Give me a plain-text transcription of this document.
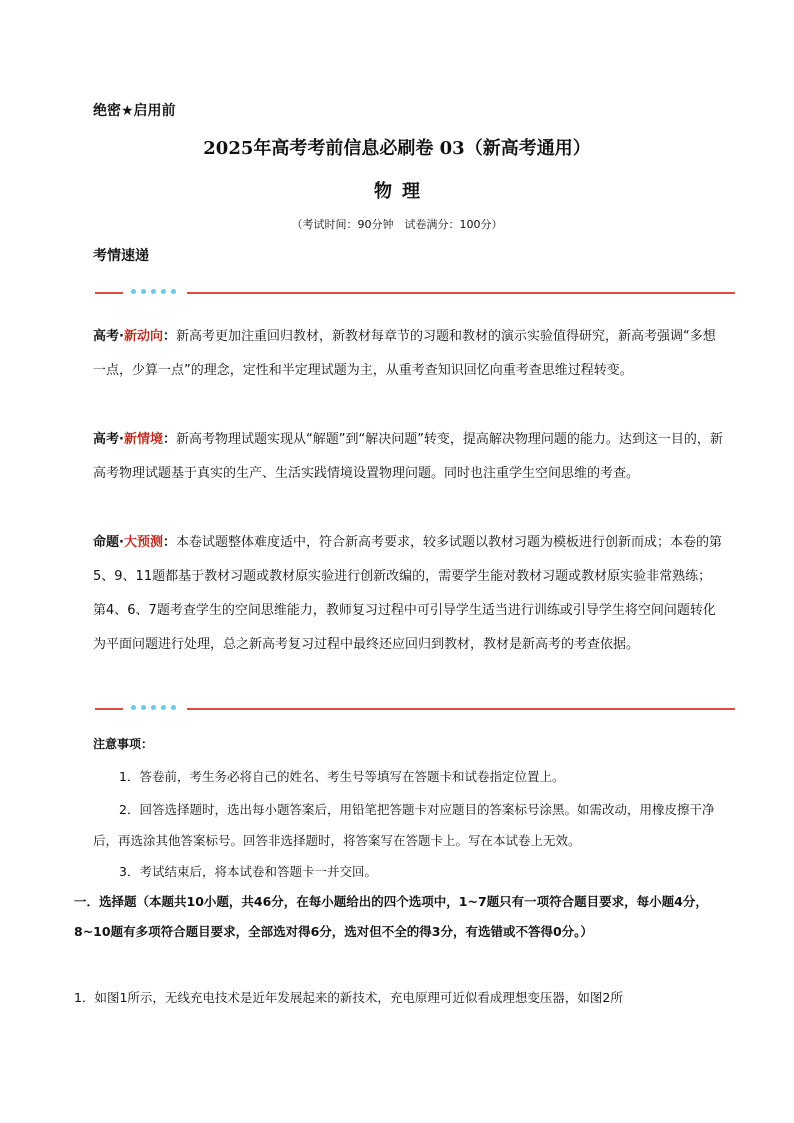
绝密★启用前
2025年高考考前信息必刷卷 03（新高考通用）
物理
（考试时间：90分钟　试卷满分：100分）
考情速递
高考·新动向：新高考更加注重回归教材，新教材每章节的习题和教材的演示实验值得研究，新高考强调“多想一点，少算一点”的理念，定性和半定理试题为主，从重考查知识回忆向重考查思维过程转变。
高考·新情境：新高考物理试题实现从“解题”到“解决问题”转变，提高解决物理问题的能力。达到这一目的，新高考物理试题基于真实的生产、生活实践情境设置物理问题。同时也注重学生空间思维的考查。
命题·大预测：本卷试题整体难度适中，符合新高考要求，较多试题以教材习题为模板进行创新而成；本卷的第5、9、11题都基于教材习题或教材原实验进行创新改编的，需要学生能对教材习题或教材原实验非常熟练；第4、6、7题考查学生的空间思维能力，教师复习过程中可引导学生适当进行训练或引导学生将空间问题转化为平面问题进行处理，总之新高考复习过程中最终还应回归到教材，教材是新高考的考查依据。
注意事项：
1．答卷前，考生务必将自己的姓名、考生号等填写在答题卡和试卷指定位置上。
2．回答选择题时，选出每小题答案后，用铅笔把答题卡对应题目的答案标号涂黑。如需改动，用橡皮擦干净后，再选涂其他答案标号。回答非选择题时，将答案写在答题卡上。写在本试卷上无效。
3．考试结束后，将本试卷和答题卡一并交回。
一．选择题（本题共10小题，共46分，在每小题给出的四个选项中，1~7题只有一项符合题目要求，每小题4分，8~10题有多项符合题目要求，全部选对得6分，选对但不全的得3分，有选错或不答得0分。）
1．如图1所示，无线充电技术是近年发展起来的新技术，充电原理可近似看成理想变压器，如图2所
